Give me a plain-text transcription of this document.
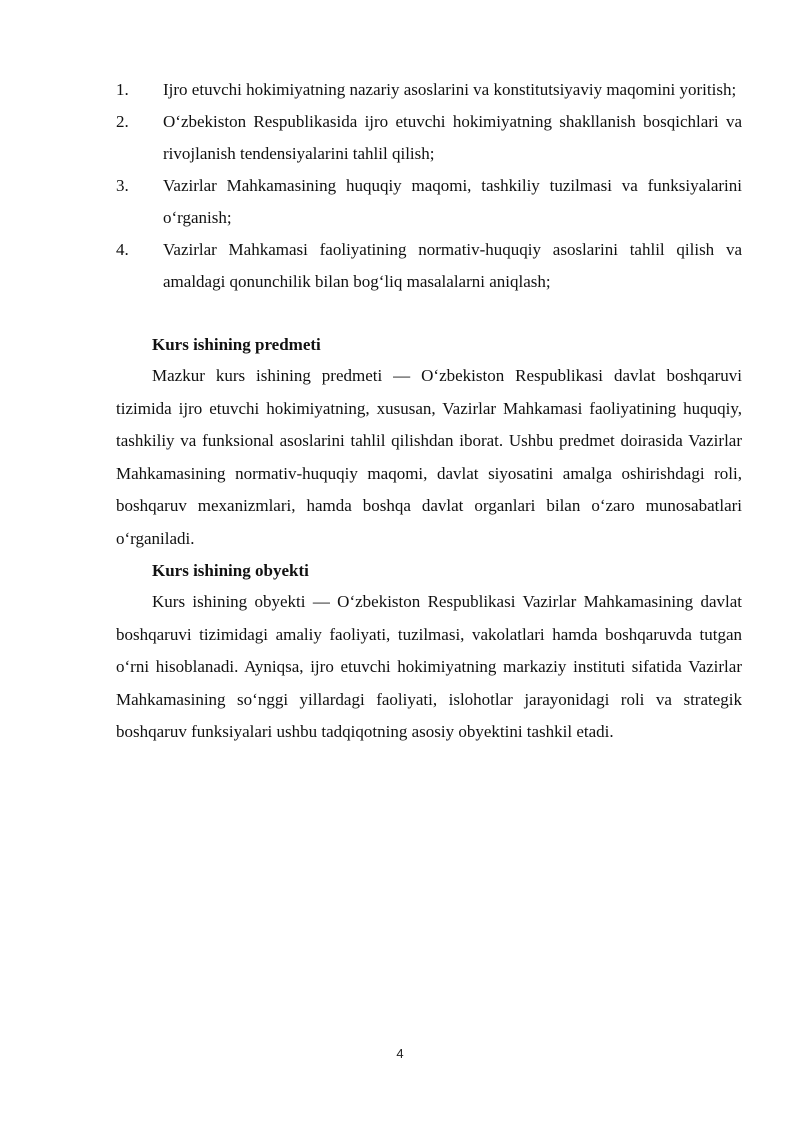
1. Ijro etuvchi hokimiyatning nazariy asoslarini va konstitutsiyaviy maqomini yoritish;
2. O‘zbekiston Respublikasida ijro etuvchi hokimiyatning shakllanish bosqichlari va rivojlanish tendensiyalarini tahlil qilish;
3. Vazirlar Mahkamasining huquqiy maqomi, tashkiliy tuzilmasi va funksiyalarini o‘rganish;
4. Vazirlar Mahkamasi faoliyatining normativ-huquqiy asoslarini tahlil qilish va amaldagi qonunchilik bilan bog‘liq masalalarni aniqlash;
Kurs ishining predmeti

Mazkur kurs ishining predmeti — O‘zbekiston Respublikasi davlat boshqaruvi tizimida ijro etuvchi hokimiyatning, xususan, Vazirlar Mahkamasi faoliyatining huquqiy, tashkiliy va funksional asoslarini tahlil qilishdan iborat. Ushbu predmet doirasida Vazirlar Mahkamasining normativ-huquqiy maqomi, davlat siyosatini amalga oshirishdagi roli, boshqaruv mexanizmlari, hamda boshqa davlat organlari bilan o‘zaro munosabatlari o‘rganiladi.

Kurs ishining obyekti

Kurs ishining obyekti — O‘zbekiston Respublikasi Vazirlar Mahkamasining davlat boshqaruvi tizimidagi amaliy faoliyati, tuzilmasi, vakolatlari hamda boshqaruvda tutgan o‘rni hisoblanadi. Ayniqsa, ijro etuvchi hokimiyatning markaziy instituti sifatida Vazirlar Mahkamasining so‘nggi yillardagi faoliyati, islohotlar jarayonidagi roli va strategik boshqaruv funksiyalari ushbu tadqiqotning asosiy obyektini tashkil etadi.

4
